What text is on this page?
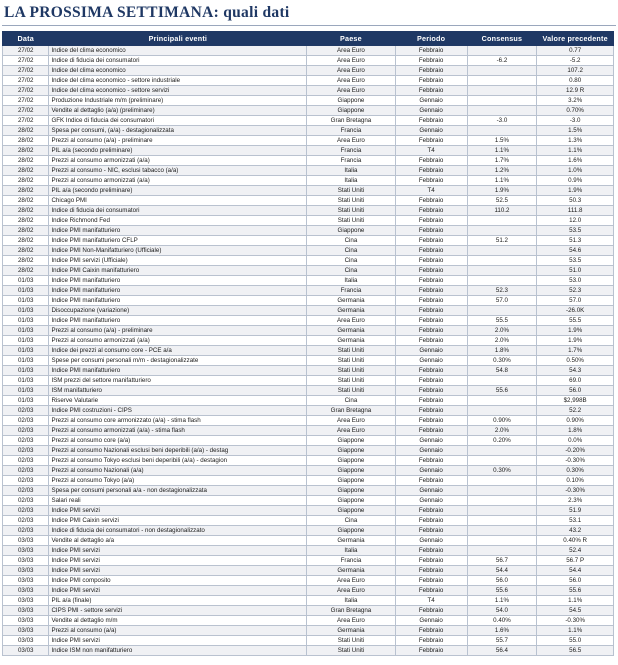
LA PROSSIMA SETTIMANA: quali dati
Data	Principali eventi	Paese	Periodo	Consensus	Valore precedente
27/02	Indice del clima economico	Area Euro	Febbraio		0.77
27/02	Indice di fiducia dei consumatori	Area Euro	Febbraio	-6.2	-5.2
27/02	Indice del clima economico	Area Euro	Febbraio		107.2
27/02	Indice del clima economico - settore industriale	Area Euro	Febbraio		0.80
27/02	Indice del clima economico - settore servizi	Area Euro	Febbraio		12.9 R
27/02	Produzione Industriale m/m (preliminare)	Giappone	Gennaio		3.2%
27/02	Vendite al dettaglio (a/a) (preliminare)	Giappone	Gennaio		0.70%
27/02	GFK Indice di fiducia dei consumatori	Gran Bretagna	Febbraio	-3.0	-3.0
28/02	Spesa per consumi, (a/a) - destagionalizzata	Francia	Gennaio		1.5%
28/02	Prezzi al consumo (a/a) - preliminare	Area Euro	Febbraio	1.5%	1.3%
28/02	PIL a/a (secondo preliminare)	Francia	T4	1.1%	1.1%
28/02	Prezzi al consumo armonizzati (a/a)	Francia	Febbraio	1.7%	1.6%
28/02	Prezzi al consumo - NIC, esclusi tabacco (a/a)	Italia	Febbraio	1.2%	1.0%
28/02	Prezzi al consumo armonizzati (a/a)	Italia	Febbraio	1.1%	0.9%
28/02	PIL a/a (secondo preliminare)	Stati Uniti	T4	1.9%	1.9%
28/02	Chicago PMI	Stati Uniti	Febbraio	52.5	50.3
28/02	Indice di fiducia dei consumatori	Stati Uniti	Febbraio	110.2	111.8
28/02	Indice Richmond Fed	Stati Uniti	Febbraio		12.0
28/02	Indice PMI manifatturiero	Giappone	Febbraio		53.5
28/02	Indice PMI manifatturiero CFLP	Cina	Febbraio	51.2	51.3
28/02	Indice PMI Non-Manifatturiero (Ufficiale)	Cina	Febbraio		54.6
28/02	Indice PMI servizi (Ufficiale)	Cina	Febbraio		53.5
28/02	Indice PMI Caixin manifatturiero	Cina	Febbraio		51.0
01/03	Indice PMI manifatturiero	Italia	Febbraio		53.0
01/03	Indice PMI manifatturiero	Francia	Febbraio	52.3	52.3
01/03	Indice PMI manifatturiero	Germania	Febbraio	57.0	57.0
01/03	Disoccupazione (variazione)	Germania	Febbraio		-26.0K
01/03	Indice PMI manifatturiero	Area Euro	Febbraio	55.5	55.5
01/03	Prezzi al consumo (a/a) - preliminare	Germania	Febbraio	2.0%	1.9%
01/03	Prezzi al consumo armonizzati (a/a)	Germania	Febbraio	2.0%	1.9%
01/03	Indice dei prezzi al consumo core - PCE a/a	Stati Uniti	Gennaio	1.8%	1.7%
01/03	Spese per consumi personali m/m - destagionalizzate	Stati Uniti	Gennaio	0.30%	0.50%
01/03	Indice PMI manifatturiero	Stati Uniti	Febbraio	54.8	54.3
01/03	ISM prezzi del settore manifatturiero	Stati Uniti	Febbraio		69.0
01/03	ISM manifatturiero	Stati Uniti	Febbraio	55.6	56.0
01/03	Riserve Valutarie	Cina	Febbraio		$2,998B
02/03	Indice PMI costruzioni - CIPS	Gran Bretagna	Febbraio		52.2
02/03	Prezzi al consumo core armonizzato (a/a) - stima flash	Area Euro	Febbraio	0.90%	0.90%
02/03	Prezzi al consumo armonizzati (a/a) - stima flash	Area Euro	Febbraio	2.0%	1.8%
02/03	Prezzi al consumo core (a/a)	Giappone	Gennaio	0.20%	0.0%
02/03	Prezzi al consumo Nazionali esclusi beni deperibili (a/a) - destag	Giappone	Gennaio		-0.20%
02/03	Prezzi al consumo Tokyo esclusi beni deperibili (a/a) - destagion	Giappone	Febbraio		-0.30%
02/03	Prezzi al consumo Nazionali (a/a)	Giappone	Gennaio	0.30%	0.30%
02/03	Prezzi al consumo Tokyo (a/a)	Giappone	Febbraio		0.10%
02/03	Spesa per consumi personali a/a - non destagionalizzata	Giappone	Gennaio		-0.30%
02/03	Salari reali	Giappone	Gennaio		2.3%
02/03	Indice PMI servizi	Giappone	Febbraio		51.9
02/03	Indice PMI Caixin servizi	Cina	Febbraio		53.1
02/03	Indice di fiducia dei consumatori - non destagionalizzato	Giappone	Febbraio		43.2
03/03	Vendite al dettaglio a/a	Germania	Gennaio		0.40% R
03/03	Indice PMI servizi	Italia	Febbraio		52.4
03/03	Indice PMI servizi	Francia	Febbraio	56.7	56.7 P
03/03	Indice PMI servizi	Germania	Febbraio	54.4	54.4
03/03	Indice PMI composito	Area Euro	Febbraio	56.0	56.0
03/03	Indice PMI servizi	Area Euro	Febbraio	55.6	55.6
03/03	PIL a/a (finale)	Italia	T4	1.1%	1.1%
03/03	CIPS PMI - settore servizi	Gran Bretagna	Febbraio	54.0	54.5
03/03	Vendite al dettaglio m/m	Area Euro	Gennaio	0.40%	-0.30%
03/03	Prezzi al consumo (a/a)	Germania	Febbraio	1.6%	1.1%
03/03	Indice PMI servizi	Stati Uniti	Febbraio	55.7	55.0
03/03	Indice ISM non manifatturiero	Stati Uniti	Febbraio	56.4	56.5
